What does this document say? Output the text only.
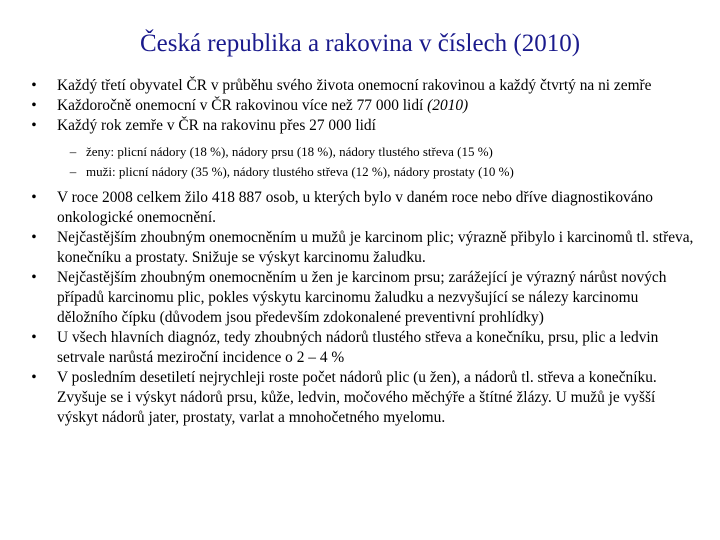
Česká republika a rakovina v číslech (2010)
• Každý třetí obyvatel ČR v průběhu svého života onemocní rakovinou a každý čtvrtý na ni zemře
• Každoročně onemocní v ČR rakovinou více než 77 000 lidí (2010)
• Každý rok zemře v ČR na rakovinu přes 27 000 lidí
– ženy: plicní nádory (18 %), nádory prsu (18 %), nádory tlustého střeva (15 %)
– muži: plicní nádory (35 %), nádory tlustého střeva (12 %), nádory prostaty (10 %)
• V roce 2008 celkem žilo 418 887 osob, u kterých bylo v daném roce nebo dříve diagnostikováno onkologické onemocnění.
• Nejčastějším zhoubným onemocněním u mužů je karcinom plic; výrazně přibylo i karcinomů tl. střeva, konečníku a prostaty. Snižuje se výskyt karcinomu žaludku.
• Nejčastějším zhoubným onemocněním u žen je karcinom prsu; zarážející je výrazný nárůst nových případů karcinomu plic, pokles výskytu karcinomu žaludku a nezvyšující se nálezy karcinomu děložního čípku (důvodem jsou především zdokonalené preventivní prohlídky)
• U všech hlavních diagnóz, tedy zhoubných nádorů tlustého střeva a konečníku, prsu, plic a ledvin setrvale narůstá meziroční incidence o 2 – 4 %
• V posledním desetiletí nejrychleji roste počet nádorů plic (u žen), a nádorů tl. střeva a konečníku. Zvyšuje se i výskyt nádorů prsu, kůže, ledvin, močového měchýře a štítné žlázy. U mužů je vyšší výskyt nádorů jater, prostaty, varlat a mnohočetného myelomu.
